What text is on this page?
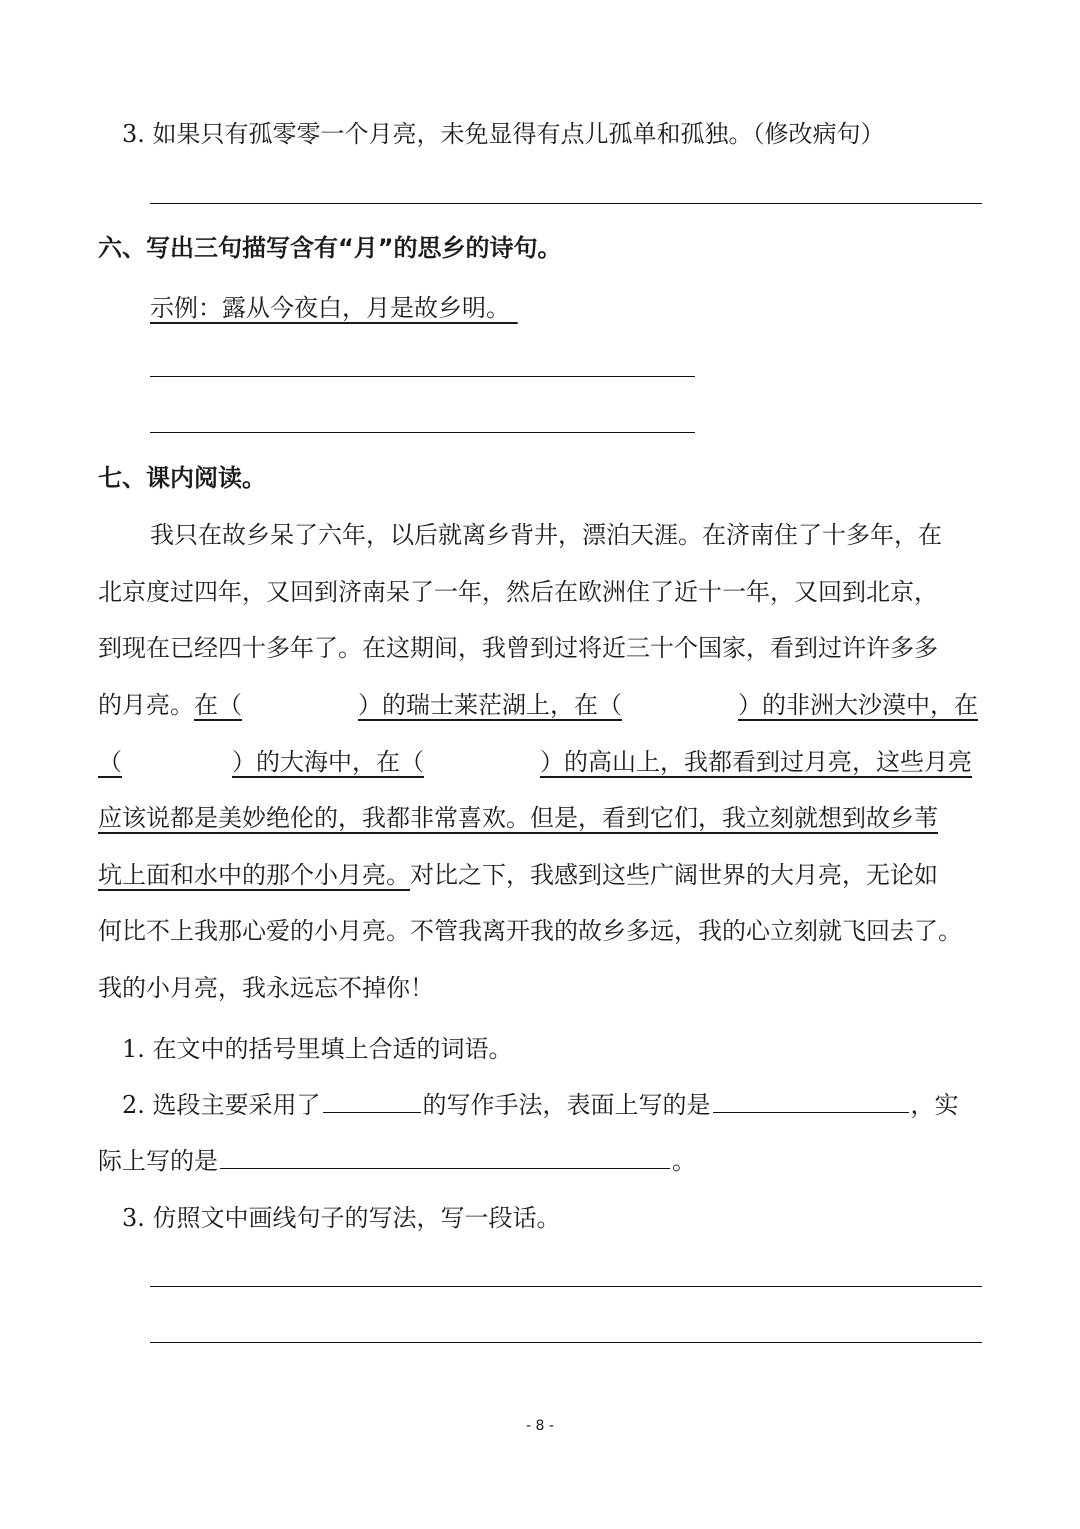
3. 如果只有孤零零一个月亮，未免显得有点儿孤单和孤独。（修改病句）
六、写出三句描写含有“月”的思乡的诗句。
示例：露从今夜白，月是故乡明。
七、课内阅读。
我只在故乡呆了六年，以后就离乡背井，漂泊天涯。在济南住了十多年，在
北京度过四年，又回到济南呆了一年，然后在欧洲住了近十一年，又回到北京，
到现在已经四十多年了。在这期间，我曾到过将近三十个国家，看到过许许多多
的月亮。在（	）的瑞士莱茫湖上，在（	）的非洲大沙漠中，在
（	）的大海中，在（	）的高山上，我都看到过月亮，这些月亮
应该说都是美妙绝伦的，我都非常喜欢。但是，看到它们，我立刻就想到故乡苇
坑上面和水中的那个小月亮。对比之下，我感到这些广阔世界的大月亮，无论如
何比不上我那心爱的小月亮。不管我离开我的故乡多远，我的心立刻就飞回去了。
我的小月亮，我永远忘不掉你！
1. 在文中的括号里填上合适的词语。
2. 选段主要采用了	的写作手法，表面上写的是	，实
际上写的是	。
3. 仿照文中画线句子的写法，写一段话。
- 8 -
